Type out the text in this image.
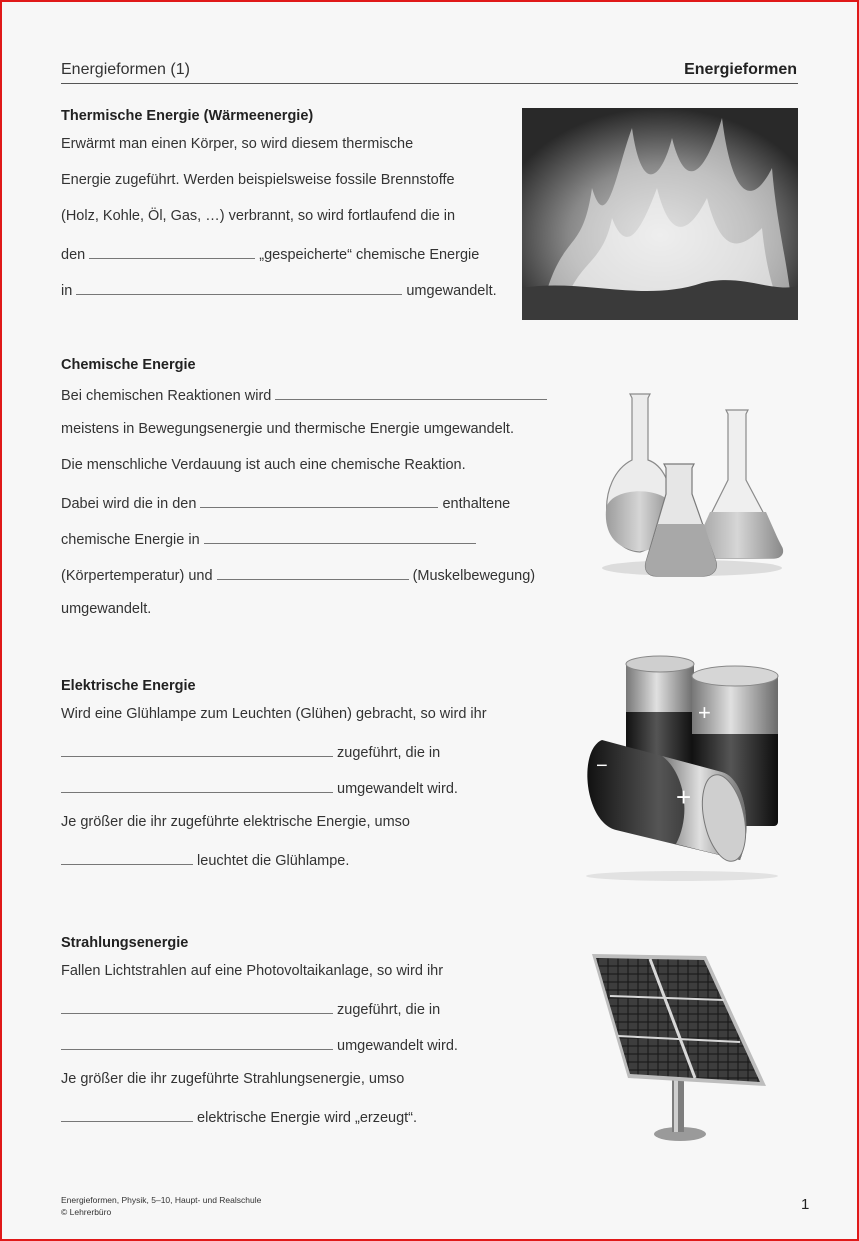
Energieformen (1)	Energieformen
Thermische Energie (Wärmeenergie)
Erwärmt man einen Körper, so wird diesem thermische
Energie zugeführt. Werden beispielsweise fossile Brennstoffe
(Holz, Kohle, Öl, Gas, …) verbrannt, so wird fortlaufend die in
den	„gespeicherte“ chemische Energie
in	umgewandelt.
Chemische Energie
Bei chemischen Reaktionen wird
meistens in Bewegungsenergie und thermische Energie umgewandelt.
Die menschliche Verdauung ist auch eine chemische Reaktion.
Dabei wird die in den	enthaltene
chemische Energie in
(Körpertemperatur) und	(Muskelbewegung)
umgewandelt.
Elektrische Energie
Wird eine Glühlampe zum Leuchten (Glühen) gebracht, so wird ihr
zugeführt, die in
umgewandelt wird.
Je größer die ihr zugeführte elektrische Energie, umso
leuchtet die Glühlampe.
+
−
+
Strahlungsenergie
Fallen Lichtstrahlen auf eine Photovoltaikanlage, so wird ihr
zugeführt, die in
umgewandelt wird.
Je größer die ihr zugeführte Strahlungsenergie, umso
elektrische Energie wird „erzeugt“.
Energieformen, Physik, 5–10, Haupt- und Realschule
© Lehrerbüro	1
